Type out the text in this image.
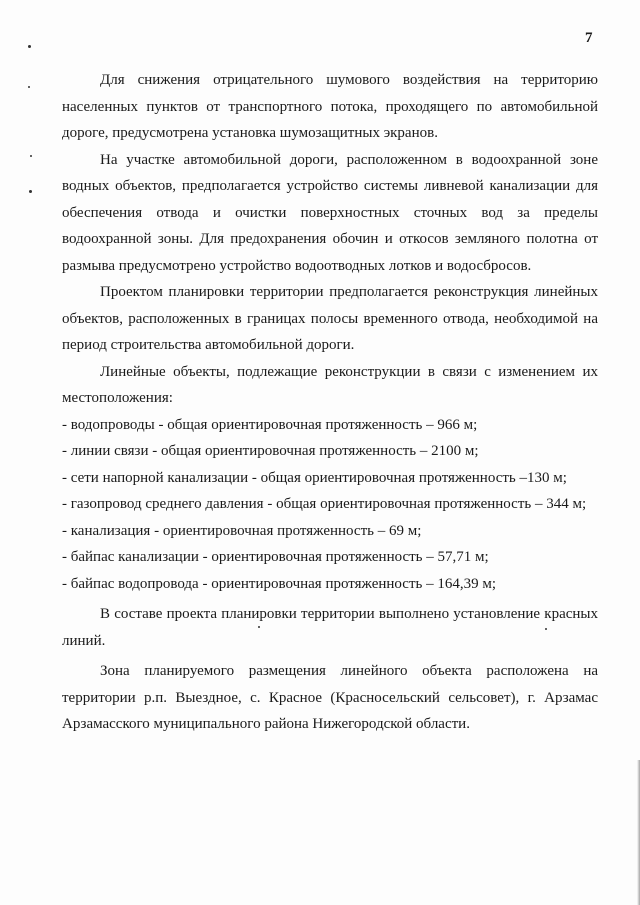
7

Для снижения отрицательного шумового воздействия на территорию населенных пунктов от транспортного потока, проходящего по автомобильной дороге, предусмотрена установка шумозащитных экранов.

На участке автомобильной дороги, расположенном в водоохранной зоне водных объектов, предполагается устройство системы ливневой канализации для обеспечения отвода и очистки поверхностных сточных вод за пределы водоохранной зоны. Для предохранения обочин и откосов земляного полотна от размыва предусмотрено устройство водоотводных лотков и водосбросов.

Проектом планировки территории предполагается реконструкция линейных объектов, расположенных в границах полосы временного отвода, необходимой на период строительства автомобильной дороги.

Линейные объекты, подлежащие реконструкции в связи с изменением их местоположения:

- водопроводы - общая ориентировочная протяженность – 966 м;

- линии связи - общая ориентировочная протяженность – 2100 м;

- сети напорной канализации - общая ориентировочная протяженность –130 м;

- газопровод среднего давления - общая ориентировочная протяженность – 344 м;

- канализация - ориентировочная протяженность – 69 м;

- байпас канализации - ориентировочная протяженность – 57,71 м;

- байпас водопровода - ориентировочная протяженность – 164,39 м;

В составе проекта планировки территории выполнено установление красных линий.

Зона планируемого размещения линейного объекта расположена на территории р.п. Выездное, с. Красное (Красносельский сельсовет), г. Арзамас Арзамасского муниципального района Нижегородской области.
